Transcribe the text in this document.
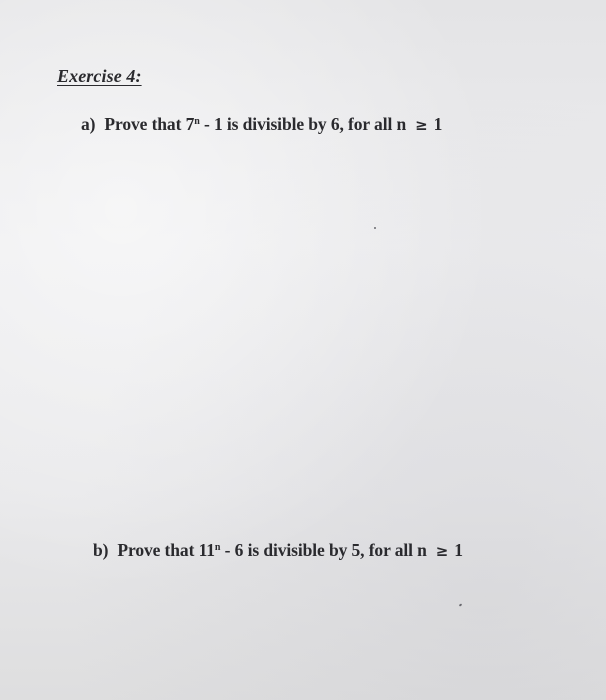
Exercise 4:
a) Prove that 7$^n$ - 1 is divisible by 6, for all n ≥ 1
b) Prove that 11$^n$ - 6 is divisible by 5, for all n ≥ 1
